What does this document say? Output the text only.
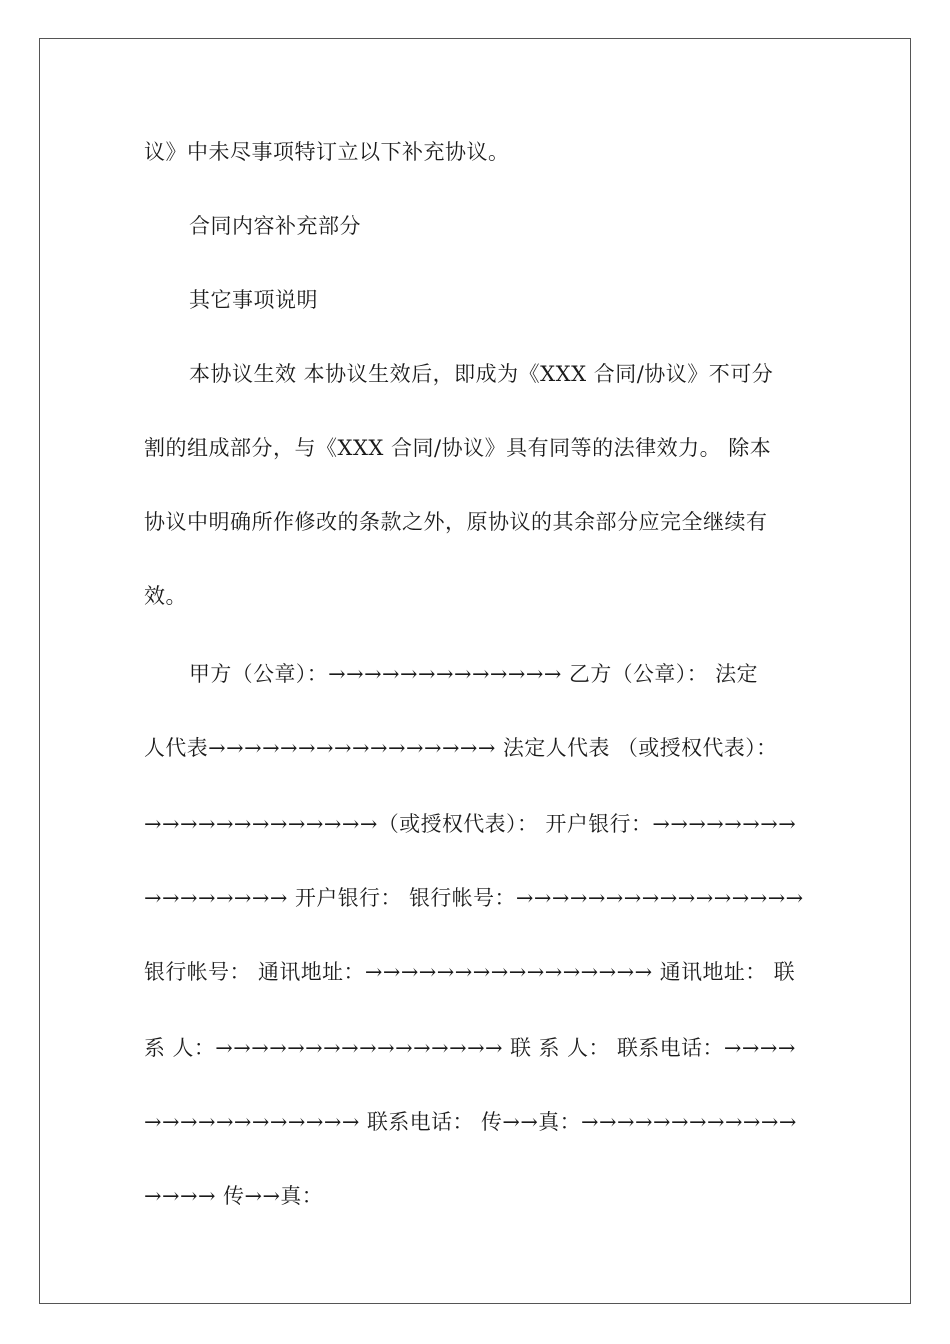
议》中未尽事项特订立以下补充协议。
合同内容补充部分
其它事项说明
本协议生效 本协议生效后，即成为《XXX 合同/协议》不可分
割的组成部分，与《XXX 合同/协议》具有同等的法律效力。 除本
协议中明确所作修改的条款之外，原协议的其余部分应完全继续有
效。
甲方（公章）：→→→→→→→→→→→→→ 乙方（公章）： 法定
人代表→→→→→→→→→→→→→→→→ 法定人代表 （或授权代表）：
→→→→→→→→→→→→→（或授权代表）： 开户银行：→→→→→→→→
→→→→→→→→ 开户银行： 银行帐号：→→→→→→→→→→→→→→→→
银行帐号： 通讯地址：→→→→→→→→→→→→→→→→ 通讯地址： 联
系 人：→→→→→→→→→→→→→→→→ 联 系 人： 联系电话：→→→→
→→→→→→→→→→→→ 联系电话： 传→→真：→→→→→→→→→→→→
→→→→ 传→→真：
